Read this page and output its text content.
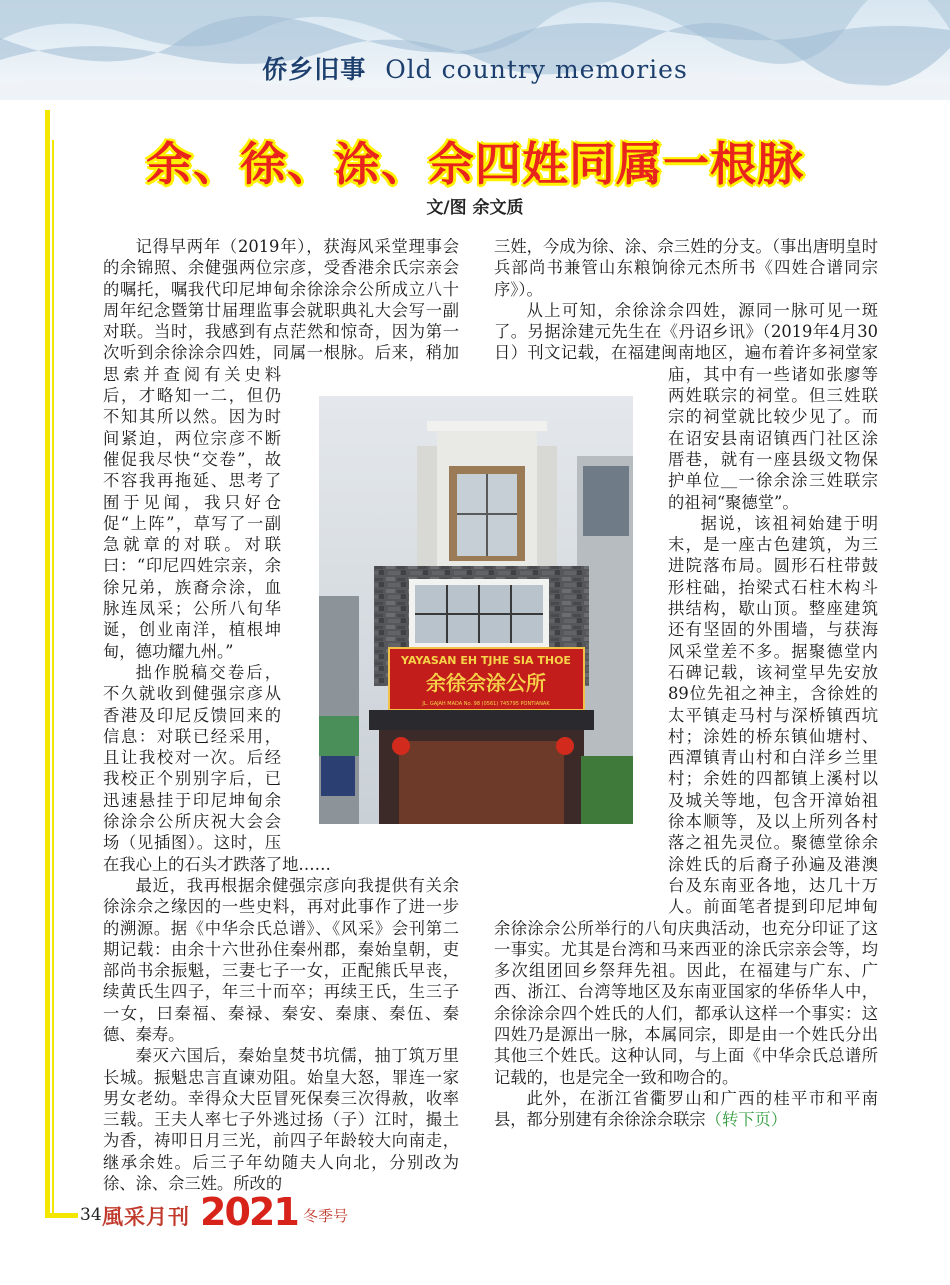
侨乡旧事 Old country memories
余、徐、涂、佘四姓同属一根脉
文/图 余文质

记得早两年（2019年），获海风采堂理事会的余锦照、余健强两位宗彦，受香港余氏宗亲会的嘱托，嘱我代印尼坤甸余徐涂佘公所成立八十周年纪念暨第廿届理监事会就职典礼大会写一副对联。当时，我感到有点茫然和惊奇，因为第一次听到余徐涂佘四姓，同属一根脉。后来，稍加思索并查阅有关史料后，才略知一二，但仍不知其所以然。因为时间紧迫，两位宗彦不断催促我尽快“交卷”，故不容我再拖延、思考了囿于见闻，我只好仓促“上阵”，草写了一副急就章的对联。对联曰：“印尼四姓宗亲，余徐兄弟，族裔佘涂，血脉连凤采；公所八旬华诞，创业南洋，植根坤甸，德功耀九州。”

拙作脱稿交卷后，不久就收到健强宗彦从香港及印尼反馈回来的信息：对联已经采用，且让我校对一次。后经我校正个别别字后，已迅速悬挂于印尼坤甸余徐涂佘公所庆祝大会会场（见插图）。这时，压在我心上的石头才跌落了地……

最近，我再根据余健强宗彦向我提供有关余徐涂佘之缘因的一些史料，再对此事作了进一步的溯源。据《中华佘氏总谱》、《风采》会刊第二期记载：由余十六世孙住秦州郡，秦始皇朝，吏部尚书余振魁，三妻七子一女，正配熊氏早丧，续黄氏生四子，年三十而卒；再续王氏，生三子一女，曰秦福、秦禄、秦安、秦康、秦伍、秦德、秦寿。

秦灭六国后，秦始皇焚书坑儒，抽丁筑万里长城。振魁忠言直谏劝阻。始皇大怒，罪连一家男女老幼。幸得众大臣冒死保奏三次得赦，收率三载。王夫人率七子外逃过扬（子）江时，撮土为香，祷叩日月三光，前四子年龄较大向南走，继承余姓。后三子年幼随夫人向北，分别改为徐、涂、佘三姓。所改的

三姓，今成为徐、涂、佘三姓的分支。（事出唐明皇时兵部尚书兼管山东粮饷徐元杰所书《四姓合谱同宗序》）。

从上可知，余徐涂佘四姓，源同一脉可见一斑了。另据涂建元先生在《丹诏乡讯》（2019年4月30日）刊文记载，在福建闽南地区，遍布着许多祠堂家庙，其中有一些诸如张廖等两姓联宗的祠堂。但三姓联宗的祠堂就比较少见了。而在诏安县南诏镇西门社区涂厝巷，就有一座县级文物保护单位＿一徐余涂三姓联宗的祖祠“聚德堂”。

据说，该祖祠始建于明末，是一座古色建筑，为三进院落布局。圆形石柱带鼓形柱础，抬梁式石柱木构斗拱结构，歇山顶。整座建筑还有坚固的外围墙，与获海风采堂差不多。据聚德堂内石碑记载，该祠堂早先安放89位先祖之神主，含徐姓的太平镇走马村与深桥镇西坑村；涂姓的桥东镇仙塘村、西潭镇青山村和白洋乡兰里村；余姓的四都镇上溪村以及城关等地，包含开漳始祖徐本顺等，及以上所列各村落之祖先灵位。聚德堂徐余涂姓氏的后裔子孙遍及港澳台及东南亚各地，达几十万人。前面笔者提到印尼坤甸余徐涂佘公所举行的八旬庆典活动，也充分印证了这一事实。尤其是台湾和马来西亚的涂氏宗亲会等，均多次组团回乡祭拜先祖。因此，在福建与广东、广西、浙江、台湾等地区及东南亚国家的华侨华人中，余徐涂佘四个姓氏的人们，都承认这样一个事实：这四姓乃是源出一脉，本属同宗，即是由一个姓氏分出其他三个姓氏。这种认同，与上面《中华佘氏总谱所记载的，也是完全一致和吻合的。

此外，在浙江省衢罗山和广西的桂平市和平南县，都分别建有余徐涂佘联宗（转下页）

YAYASAN EH TJHE SIA THOE
余徐佘涂公所
JL. GAJAH MADA No. 98 (0561) 745795 PONTIANAK
34 風采月刊 2021 冬季号
